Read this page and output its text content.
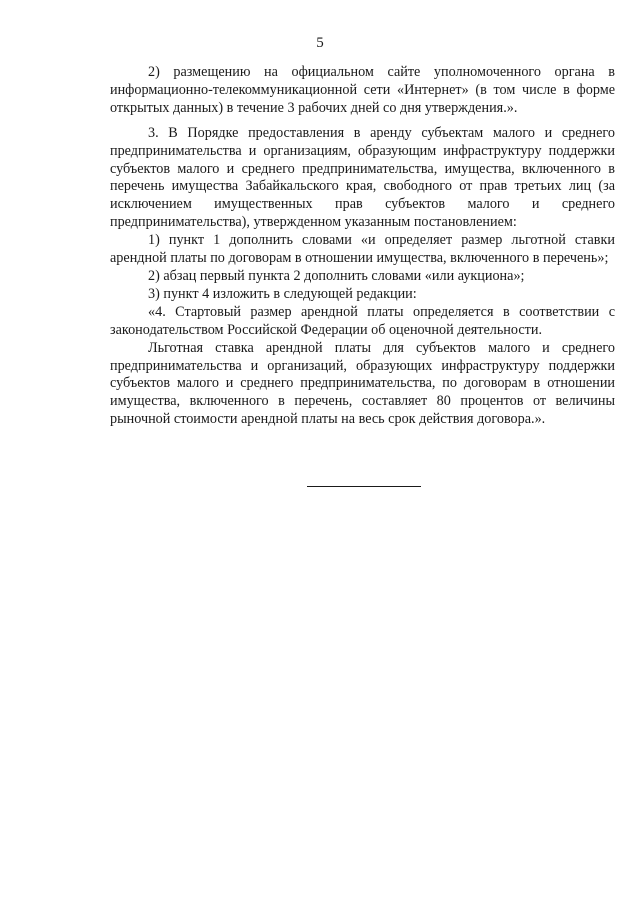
5

2) размещению на официальном сайте уполномоченного органа в информационно-телекоммуникационной сети «Интернет» (в том числе в форме открытых данных) в течение 3 рабочих дней со дня утверждения.».

3. В Порядке предоставления в аренду субъектам малого и среднего предпринимательства и организациям, образующим инфраструктуру поддержки субъектов малого и среднего предпринимательства, имущества, включенного в перечень имущества Забайкальского края, свободного от прав третьих лиц (за исключением имущественных прав субъектов малого и среднего предпринимательства), утвержденном указанным постановлением:

1) пункт 1 дополнить словами «и определяет размер льготной ставки арендной платы по договорам в отношении имущества, включенного в перечень»;

2) абзац первый пункта 2 дополнить словами «или аукциона»;

3) пункт 4 изложить в следующей редакции:

«4. Стартовый размер арендной платы определяется в соответствии с законодательством Российской Федерации об оценочной деятельности.

Льготная ставка арендной платы для субъектов малого и среднего предпринимательства и организаций, образующих инфраструктуру поддержки субъектов малого и среднего предпринимательства, по договорам в отношении имущества, включенного в перечень, составляет 80 процентов от величины рыночной стоимости арендной платы на весь срок действия договора.».
